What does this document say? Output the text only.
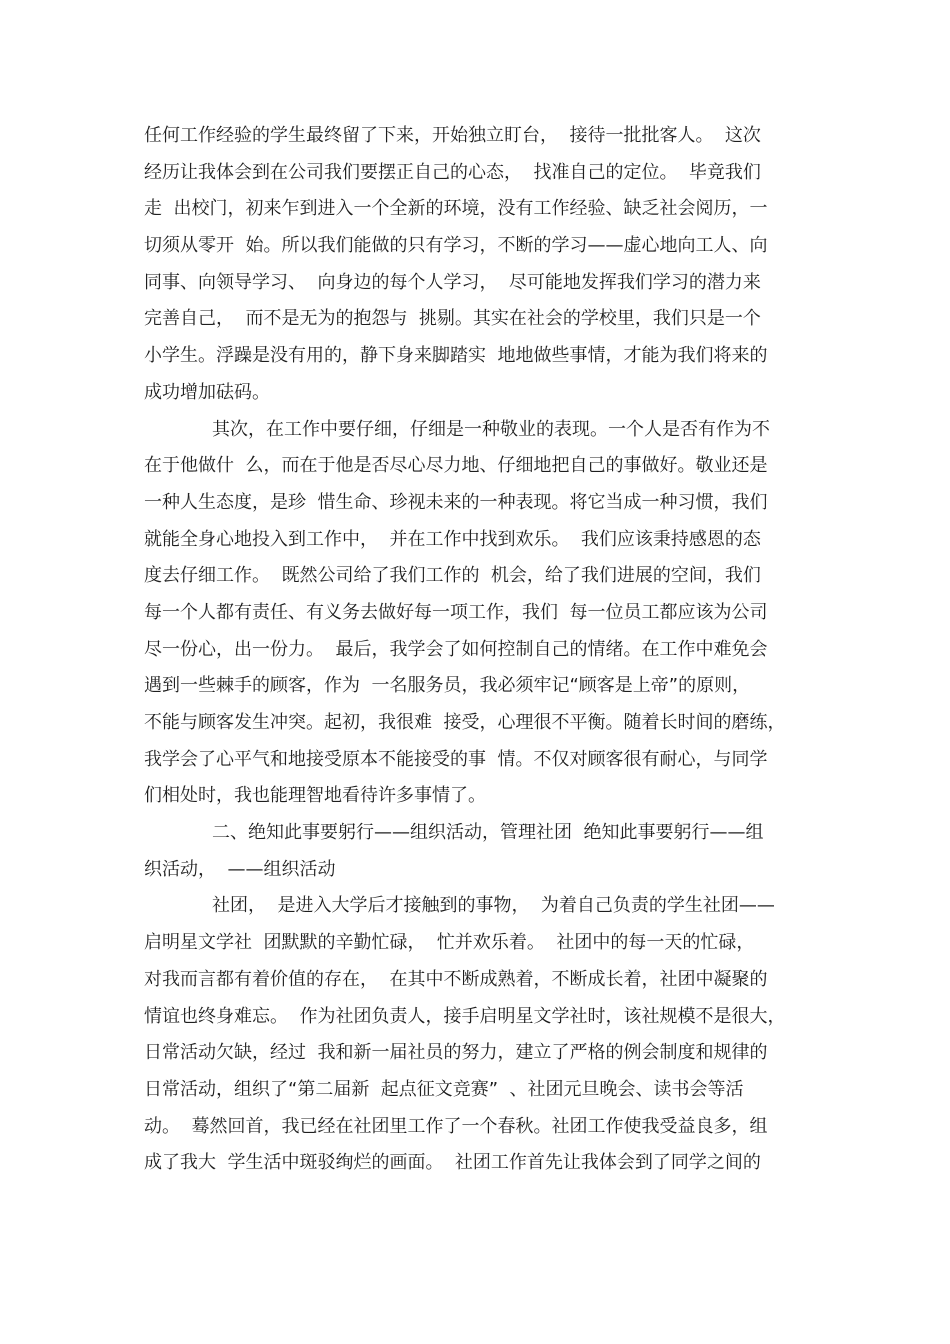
任何工作经验的学生最终留了下来，开始独立盯台，  接待一批批客人。  这次
经历让我体会到在公司我们要摆正自己的心态，  找准自己的定位。  毕竟我们
走  出校门，初来乍到进入一个全新的环境，没有工作经验、缺乏社会阅历，一
切须从零开  始。所以我们能做的只有学习，不断的学习——虚心地向工人、向
同事、向领导学习、  向身边的每个人学习，  尽可能地发挥我们学习的潜力来
完善自己，  而不是无为的抱怨与  挑剔。其实在社会的学校里，我们只是一个
小学生。浮躁是没有用的，静下身来脚踏实  地地做些事情，才能为我们将来的
成功增加砝码。
其次，在工作中要仔细，仔细是一种敬业的表现。一个人是否有作为不
在于他做什  么，而在于他是否尽心尽力地、仔细地把自己的事做好。敬业还是
一种人生态度，是珍  惜生命、珍视未来的一种表现。将它当成一种习惯，我们
就能全身心地投入到工作中，  并在工作中找到欢乐。  我们应该秉持感恩的态
度去仔细工作。  既然公司给了我们工作的  机会，给了我们进展的空间，我们
每一个人都有责任、有义务去做好每一项工作，我们  每一位员工都应该为公司
尽一份心，出一份力。  最后，我学会了如何控制自己的情绪。在工作中难免会
遇到一些棘手的顾客，作为  一名服务员，我必须牢记“顾客是上帝”的原则，
不能与顾客发生冲突。起初，我很难  接受，心理很不平衡。随着长时间的磨练，
我学会了心平气和地接受原本不能接受的事  情。不仅对顾客很有耐心，与同学
们相处时，我也能理智地看待许多事情了。
二、绝知此事要躬行——组织活动，管理社团  绝知此事要躬行——组
织活动，  ——组织活动
社团，  是进入大学后才接触到的事物，  为着自己负责的学生社团——
启明星文学社  团默默的辛勤忙碌，  忙并欢乐着。  社团中的每一天的忙碌，
对我而言都有着价值的存在，  在其中不断成熟着，不断成长着，社团中凝聚的
情谊也终身难忘。  作为社团负责人，接手启明星文学社时，该社规模不是很大，
日常活动欠缺，经过  我和新一届社员的努力，建立了严格的例会制度和规律的
日常活动，组织了“第二届新  起点征文竞赛”  、社团元旦晚会、读书会等活
动。  蓦然回首，我已经在社团里工作了一个春秋。社团工作使我受益良多，组
成了我大  学生活中斑驳绚烂的画面。  社团工作首先让我体会到了同学之间的
